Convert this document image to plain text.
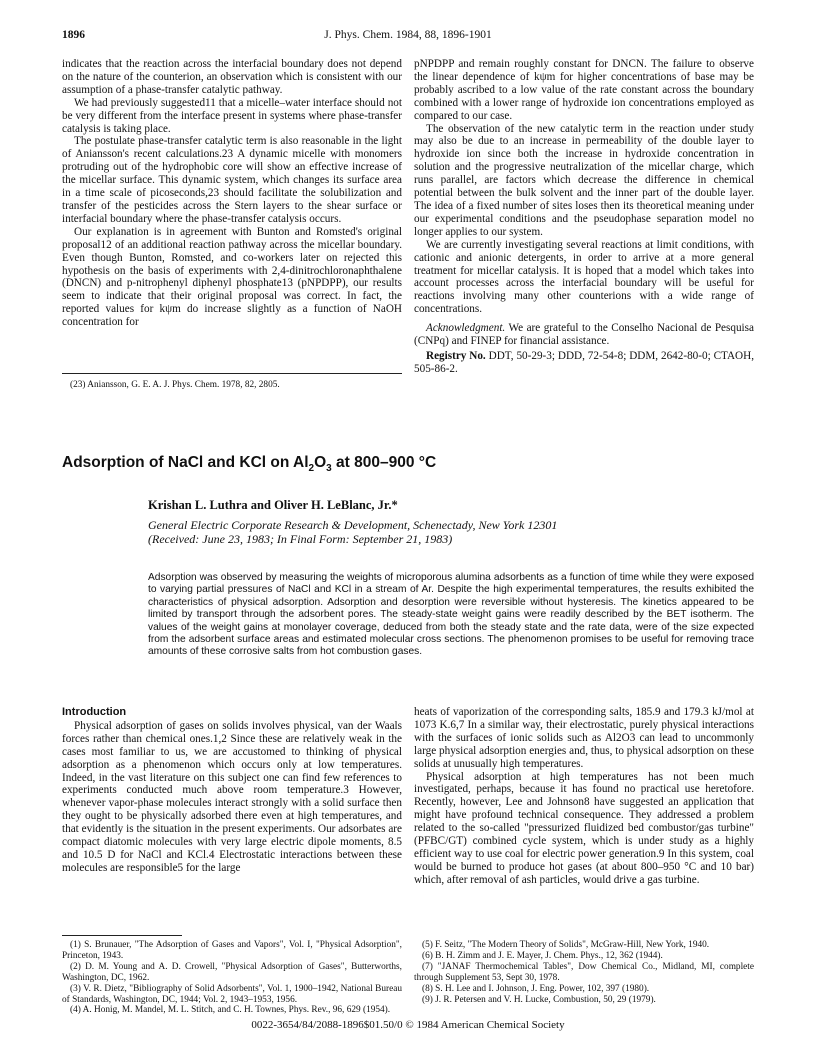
1896	J. Phys. Chem. 1984, 88, 1896-1901

indicates that the reaction across the interfacial boundary does not depend on the nature of the counterion, an observation which is consistent with our assumption of a phase-transfer catalytic pathway.

We had previously suggested11 that a micelle–water interface should not be very different from the interface present in systems where phase-transfer catalysis is taking place.

The postulate phase-transfer catalytic term is also reasonable in the light of Aniansson's recent calculations.23 A dynamic micelle with monomers protruding out of the hydrophobic core will show an effective increase of the micellar surface. This dynamic system, which changes its surface area in a time scale of picoseconds,23 should facilitate the solubilization and transfer of the pesticides across the Stern layers to the shear surface or interfacial boundary where the phase-transfer catalysis occurs.

Our explanation is in agreement with Bunton and Romsted's original proposal12 of an additional reaction pathway across the micellar boundary. Even though Bunton, Romsted, and co-workers later on rejected this hypothesis on the basis of experiments with 2,4-dinitrochloronaphthalene (DNCN) and p-nitrophenyl diphenyl phosphate13 (pNPDPP), our results seem to indicate that their original proposal was correct. In fact, the reported values for kψm do increase slightly as a function of NaOH concentration for

(23) Aniansson, G. E. A. J. Phys. Chem. 1978, 82, 2805.

pNPDPP and remain roughly constant for DNCN. The failure to observe the linear dependence of kψm for higher concentrations of base may be probably ascribed to a low value of the rate constant across the boundary combined with a lower range of hydroxide ion concentrations employed as compared to our case.

The observation of the new catalytic term in the reaction under study may also be due to an increase in permeability of the double layer to hydroxide ion since both the increase in hydroxide concentration in solution and the progressive neutralization of the micellar charge, which runs parallel, are factors which decrease the difference in chemical potential between the bulk solvent and the inner part of the double layer. The idea of a fixed number of sites loses then its theoretical meaning under our experimental conditions and the pseudophase separation model no longer applies to our system.

We are currently investigating several reactions at limit conditions, with cationic and anionic detergents, in order to arrive at a more general treatment for micellar catalysis. It is hoped that a model which takes into account processes across the interfacial boundary will be useful for reactions involving many other counterions with a wide range of concentrations.

Acknowledgment. We are grateful to the Conselho Nacional de Pesquisa (CNPq) and FINEP for financial assistance.

Registry No. DDT, 50-29-3; DDD, 72-54-8; DDM, 2642-80-0; CTAOH, 505-86-2.

Adsorption of NaCl and KCl on $Al_2O_3$ at 800–900 °C
Krishan L. Luthra and Oliver H. LeBlanc, Jr.*
General Electric Corporate Research & Development, Schenectady, New York 12301
(Received: June 23, 1983; In Final Form: September 21, 1983)
Adsorption was observed by measuring the weights of microporous alumina adsorbents as a function of time while they were exposed to varying partial pressures of NaCl and KCl in a stream of Ar. Despite the high experimental temperatures, the results exhibited the characteristics of physical adsorption. Adsorption and desorption were reversible without hysteresis. The kinetics appeared to be limited by transport through the adsorbent pores. The steady-state weight gains were readily described by the BET isotherm. The values of the weight gains at monolayer coverage, deduced from both the steady state and the rate data, were of the size expected from the adsorbent surface areas and estimated molecular cross sections. The phenomenon promises to be useful for removing trace amounts of these corrosive salts from hot combustion gases.
Introduction

Physical adsorption of gases on solids involves physical, van der Waals forces rather than chemical ones.1,2 Since these are relatively weak in the cases most familiar to us, we are accustomed to thinking of physical adsorption as a phenomenon which occurs only at low temperatures. Indeed, in the vast literature on this subject one can find few references to experiments conducted much above room temperature.3 However, whenever vapor-phase molecules interact strongly with a solid surface then they ought to be physically adsorbed there even at high temperatures, and that evidently is the situation in the present experiments. Our adsorbates are compact diatomic molecules with very large electric dipole moments, 8.5 and 10.5 D for NaCl and KCl.4 Electrostatic interactions between these molecules are responsible5 for the large

(1) S. Brunauer, "The Adsorption of Gases and Vapors", Vol. I, "Physical Adsorption", Princeton, 1943.

(2) D. M. Young and A. D. Crowell, "Physical Adsorption of Gases", Butterworths, Washington, DC, 1962.

(3) V. R. Dietz, "Bibliography of Solid Adsorbents", Vol. 1, 1900–1942, National Bureau of Standards, Washington, DC, 1944; Vol. 2, 1943–1953, 1956.

(4) A. Honig, M. Mandel, M. L. Stitch, and C. H. Townes, Phys. Rev., 96, 629 (1954).

heats of vaporization of the corresponding salts, 185.9 and 179.3 kJ/mol at 1073 K.6,7 In a similar way, their electrostatic, purely physical interactions with the surfaces of ionic solids such as Al2O3 can lead to uncommonly large physical adsorption energies and, thus, to physical adsorption on these solids at unusually high temperatures.

Physical adsorption at high temperatures has not been much investigated, perhaps, because it has found no practical use heretofore. Recently, however, Lee and Johnson8 have suggested an application that might have profound technical consequence. They addressed a problem related to the so-called "pressurized fluidized bed combustor/gas turbine" (PFBC/GT) combined cycle system, which is under study as a highly efficient way to use coal for electric power generation.9 In this system, coal would be burned to produce hot gases (at about 800–950 °C and 10 bar) which, after removal of ash particles, would drive a gas turbine.

(5) F. Seitz, "The Modern Theory of Solids", McGraw-Hill, New York, 1940.

(6) B. H. Zimm and J. E. Mayer, J. Chem. Phys., 12, 362 (1944).

(7) "JANAF Thermochemical Tables", Dow Chemical Co., Midland, MI, complete through Supplement 53, Sept 30, 1978.

(8) S. H. Lee and I. Johnson, J. Eng. Power, 102, 397 (1980).

(9) J. R. Petersen and V. H. Lucke, Combustion, 50, 29 (1979).

0022-3654/84/2088-1896$01.50/0 © 1984 American Chemical Society
